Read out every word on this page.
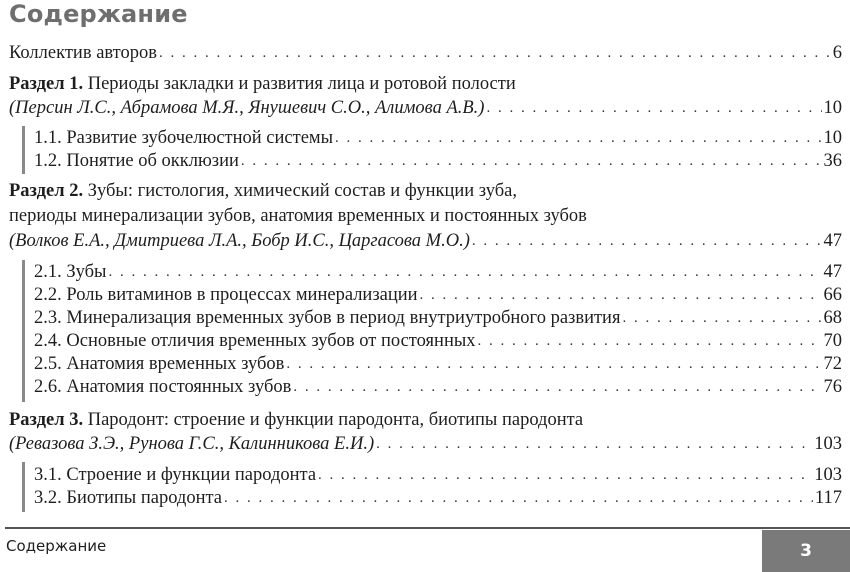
Содержание
Коллектив авторов . . .	6
Раздел 1. Периоды закладки и развития лица и ротовой полости
(Персин Л.С., Абрамова М.Я., Янушевич С.О., Алимова А.В.) . . .	10
1.1. Развитие зубочелюстной системы . . .	10
1.2. Понятие об окклюзии . . .	36
Раздел 2. Зубы: гистология, химический состав и функции зуба,
периоды минерализации зубов, анатомия временных и постоянных зубов
(Волков Е.А., Дмитриева Л.А., Бобр И.С., Царгасова М.О.) . . .	47
2.1. Зубы . . .	47
2.2. Роль витаминов в процессах минерализации . . .	66
2.3. Минерализация временных зубов в период внутриутробного развития . . .	68
2.4. Основные отличия временных зубов от постоянных . . .	70
2.5. Анатомия временных зубов . . .	72
2.6. Анатомия постоянных зубов . . .	76
Раздел 3. Пародонт: строение и функции пародонта, биотипы пародонта
(Ревазова З.Э., Рунова Г.С., Калинникова Е.И.) . . .	103
3.1. Строение и функции пародонта . . .	103
3.2. Биотипы пародонта . . .	117
Содержание	3
